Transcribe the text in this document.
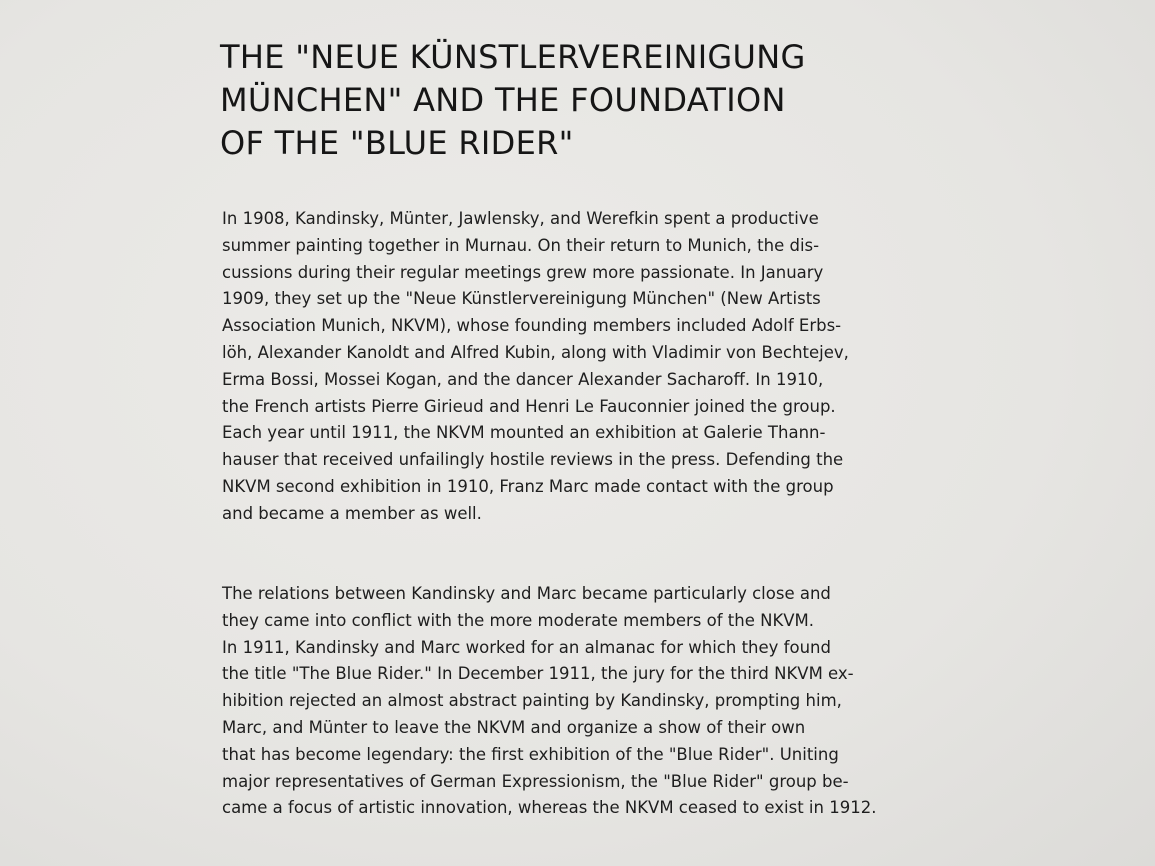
THE "NEUE KÜNSTLERVEREINIGUNG
MÜNCHEN" AND THE FOUNDATION
OF THE "BLUE RIDER"

In 1908, Kandinsky, Münter, Jawlensky, and Werefkin spent a productive
summer painting together in Murnau. On their return to Munich, the dis-
cussions during their regular meetings grew more passionate. In January
1909, they set up the "Neue Künstlervereinigung München" (New Artists
Association Munich, NKVM), whose founding members included Adolf Erbs-
löh, Alexander Kanoldt and Alfred Kubin, along with Vladimir von Bechtejev,
Erma Bossi, Mossei Kogan, and the dancer Alexander Sacharoff. In 1910,
the French artists Pierre Girieud and Henri Le Fauconnier joined the group.
Each year until 1911, the NKVM mounted an exhibition at Galerie Thann-
hauser that received unfailingly hostile reviews in the press. Defending the
NKVM second exhibition in 1910, Franz Marc made contact with the group
and became a member as well.

The relations between Kandinsky and Marc became particularly close and
they came into conflict with the more moderate members of the NKVM.
In 1911, Kandinsky and Marc worked for an almanac for which they found
the title "The Blue Rider." In December 1911, the jury for the third NKVM ex-
hibition rejected an almost abstract painting by Kandinsky, prompting him,
Marc, and Münter to leave the NKVM and organize a show of their own
that has become legendary: the first exhibition of the "Blue Rider". Uniting
major representatives of German Expressionism, the "Blue Rider" group be-
came a focus of artistic innovation, whereas the NKVM ceased to exist in 1912.
